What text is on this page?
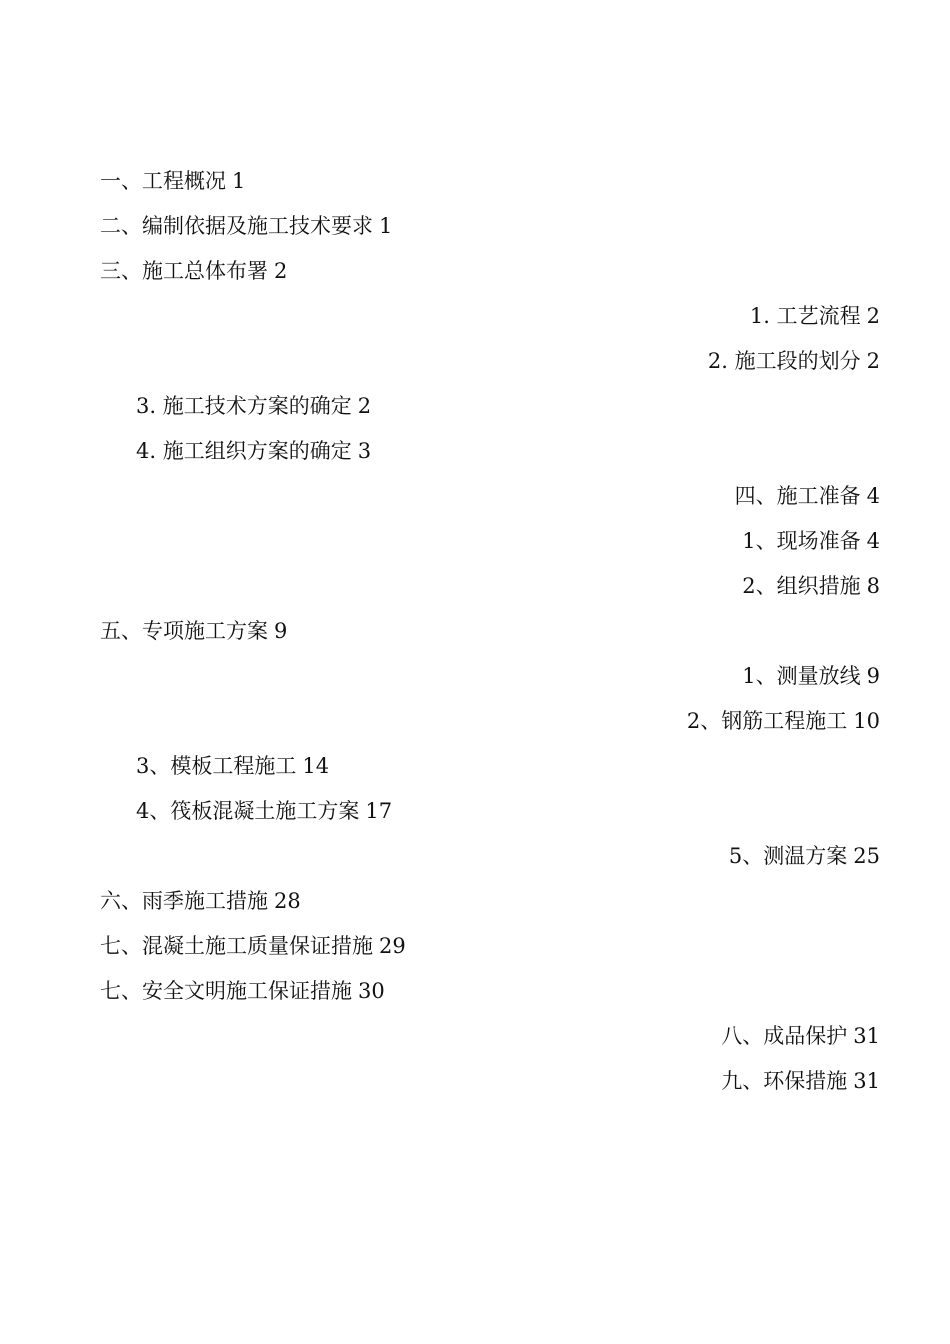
一、工程概况 1
二、编制依据及施工技术要求 1
三、施工总体布署 2
1. 工艺流程 2
2. 施工段的划分 2
3. 施工技术方案的确定 2
4. 施工组织方案的确定 3
四、施工准备 4
1、现场准备 4
2、组织措施 8
五、专项施工方案 9
1、测量放线 9
2、钢筋工程施工 10
3、模板工程施工 14
4、筏板混凝土施工方案 17
5、测温方案 25
六、雨季施工措施 28
七、混凝土施工质量保证措施 29
七、安全文明施工保证措施 30
八、成品保护 31
九、环保措施 31
